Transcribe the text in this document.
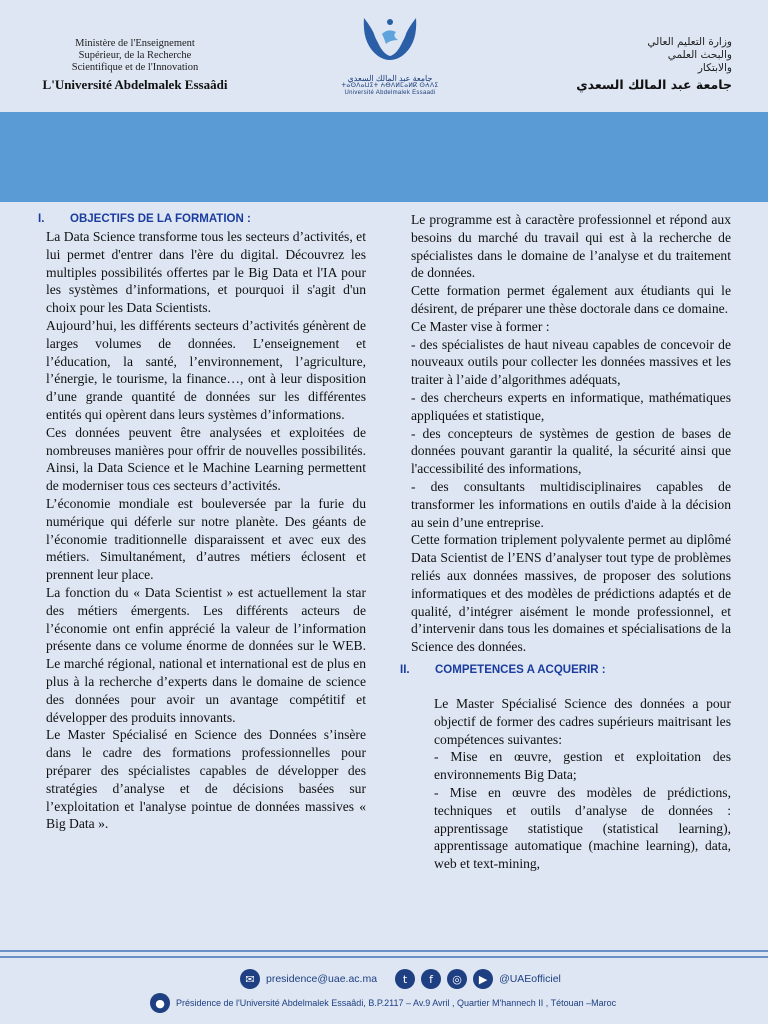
Ministère de l'Enseignement
Supérieur, de la Recherche
Scientifique et de l'Innovation
L'Université Abdelmalek Essaâdi	جامعة عبد المالك السعدي
ⵜⴰⵙⴷⴰⵡⵉⵜ ⵄⴱⴷⵍⵎⴰⵍⴽ ⵙⵄⴷⵉ
Université Abdelmalek Essaadi
وزارة التعليم العالي
والبحث العلمي
والابتكار
جامعة عبد المالك السعدي
I. OBJECTIFS DE LA FORMATION :

La Data Science transforme tous les secteurs d’activités, et lui permet d'entrer dans l'ère du digital. Découvrez les multiples possibilités offertes par le Big Data et l'IA pour les systèmes d’informations, et pourquoi il s'agit d'un choix pour les Data Scientists.

Aujourd’hui, les différents secteurs d’activités génèrent de larges volumes de données. L’enseignement et l’éducation, la santé, l’environnement, l’agriculture, l’énergie, le tourisme, la finance…, ont à leur disposition d’une grande quantité de données sur les différentes entités qui opèrent dans leurs systèmes d’informations.

Ces données peuvent être analysées et exploitées de nombreuses manières pour offrir de nouvelles possibilités. Ainsi, la Data Science et le Machine Learning permettent de moderniser tous ces secteurs d’activités.

L’économie mondiale est bouleversée par la furie du numérique qui déferle sur notre planète. Des géants de l’économie traditionnelle disparaissent et avec eux des métiers. Simultanément, d’autres métiers éclosent et prennent leur place.

La fonction du « Data Scientist » est actuellement la star des métiers émergents. Les différents acteurs de l’économie ont enfin apprécié la valeur de l’information présente dans ce volume énorme de données sur le WEB. Le marché régional, national et international est de plus en plus à la recherche d’experts dans le domaine de science des données pour avoir un avantage compétitif et développer des produits innovants.

Le Master Spécialisé en Science des Données s’insère dans le cadre des formations professionnelles pour préparer des spécialistes capables de développer des stratégies d’analyse et de décisions basées sur l’exploitation et l'analyse pointue de données massives « Big Data ».

Le programme est à caractère professionnel et répond aux besoins du marché du travail qui est à la recherche de spécialistes dans le domaine de l’analyse et du traitement de données.

Cette formation permet également aux étudiants qui le désirent, de préparer une thèse doctorale dans ce domaine.

Ce Master vise à former :

- des spécialistes de haut niveau capables de concevoir de nouveaux outils pour collecter les données massives et les traiter à l’aide d’algorithmes adéquats,

- des chercheurs experts en informatique, mathématiques appliquées et statistique,

- des concepteurs de systèmes de gestion de bases de données pouvant garantir la qualité, la sécurité ainsi que l'accessibilité des informations,

- des consultants multidisciplinaires capables de transformer les informations en outils d'aide à la décision au sein d’une entreprise.

Cette formation triplement polyvalente permet au diplômé Data Scientist de l’ENS d’analyser tout type de problèmes reliés aux données massives, de proposer des solutions informatiques et des modèles de prédictions adaptés et de qualité, d’intégrer aisément le monde professionnel, et d’intervenir dans tous les domaines et spécialisations de la Science des données.

II. COMPETENCES A ACQUERIR :

Le Master Spécialisé Science des données a pour objectif de former des cadres supérieurs maitrisant les compétences suivantes:

- Mise en œuvre, gestion et exploitation des environnements Big Data;

- Mise en œuvre des modèles de prédictions, techniques et outils d’analyse de données : apprentissage statistique (statistical learning), apprentissage automatique (machine learning), data, web et text-mining,

✉	presidence@uae.ac.ma	t	f	◎	▶	@UAEofficiel
●	Présidence de l'Université Abdelmalek Essaâdi, B.P.2117 – Av.9 Avril , Quartier M'hannech II , Tétouan –Maroc
